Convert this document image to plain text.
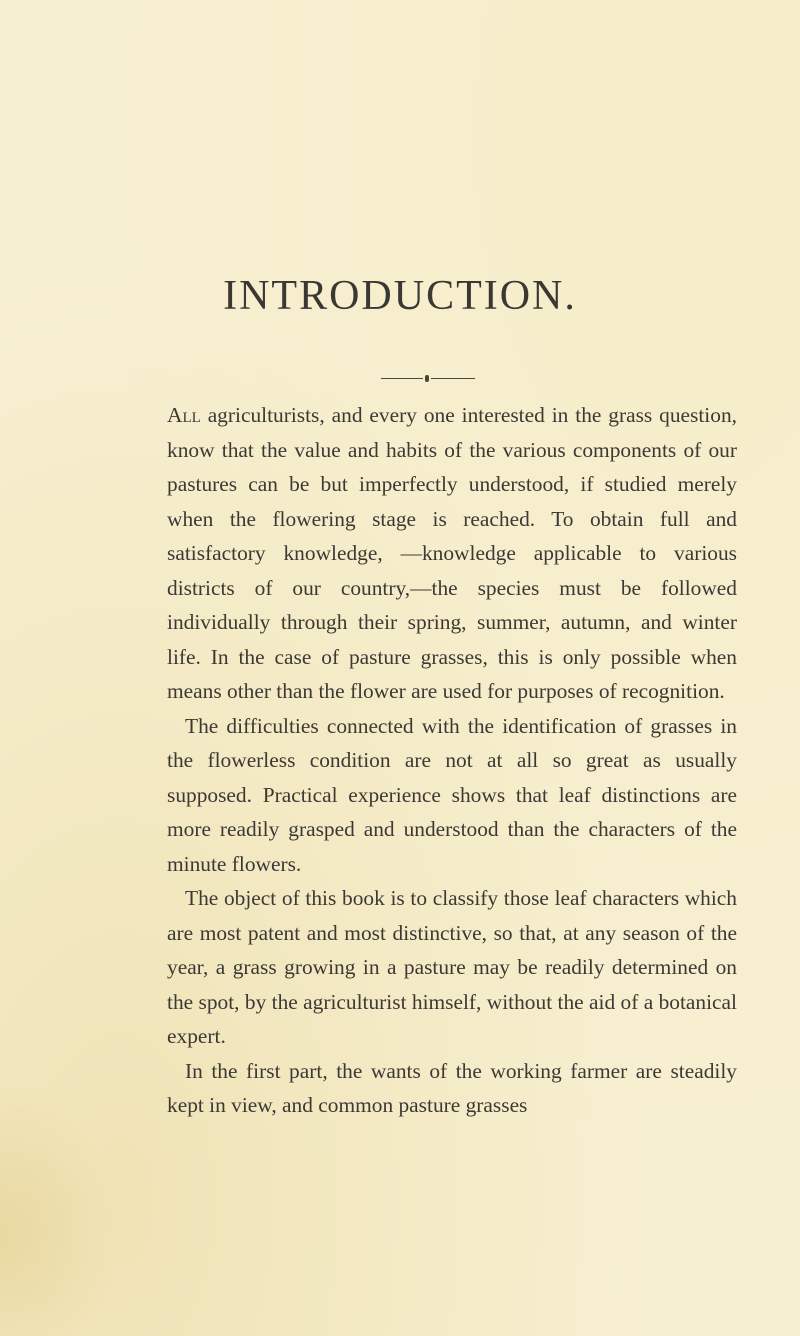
INTRODUCTION.

All agriculturists, and every one interested in the grass question, know that the value and habits of the various components of our pastures can be but imperfectly understood, if studied merely when the flowering stage is reached. To obtain full and satisfactory knowledge, —knowledge applicable to various districts of our country,—the species must be followed individually through their spring, summer, autumn, and winter life. In the case of pasture grasses, this is only possible when means other than the flower are used for purposes of recognition.

The difficulties connected with the identification of grasses in the flowerless condition are not at all so great as usually supposed. Practical experience shows that leaf distinctions are more readily grasped and understood than the characters of the minute flowers.

The object of this book is to classify those leaf characters which are most patent and most distinctive, so that, at any season of the year, a grass growing in a pasture may be readily determined on the spot, by the agriculturist himself, without the aid of a botanical expert.

In the first part, the wants of the working farmer are steadily kept in view, and common pasture grasses
